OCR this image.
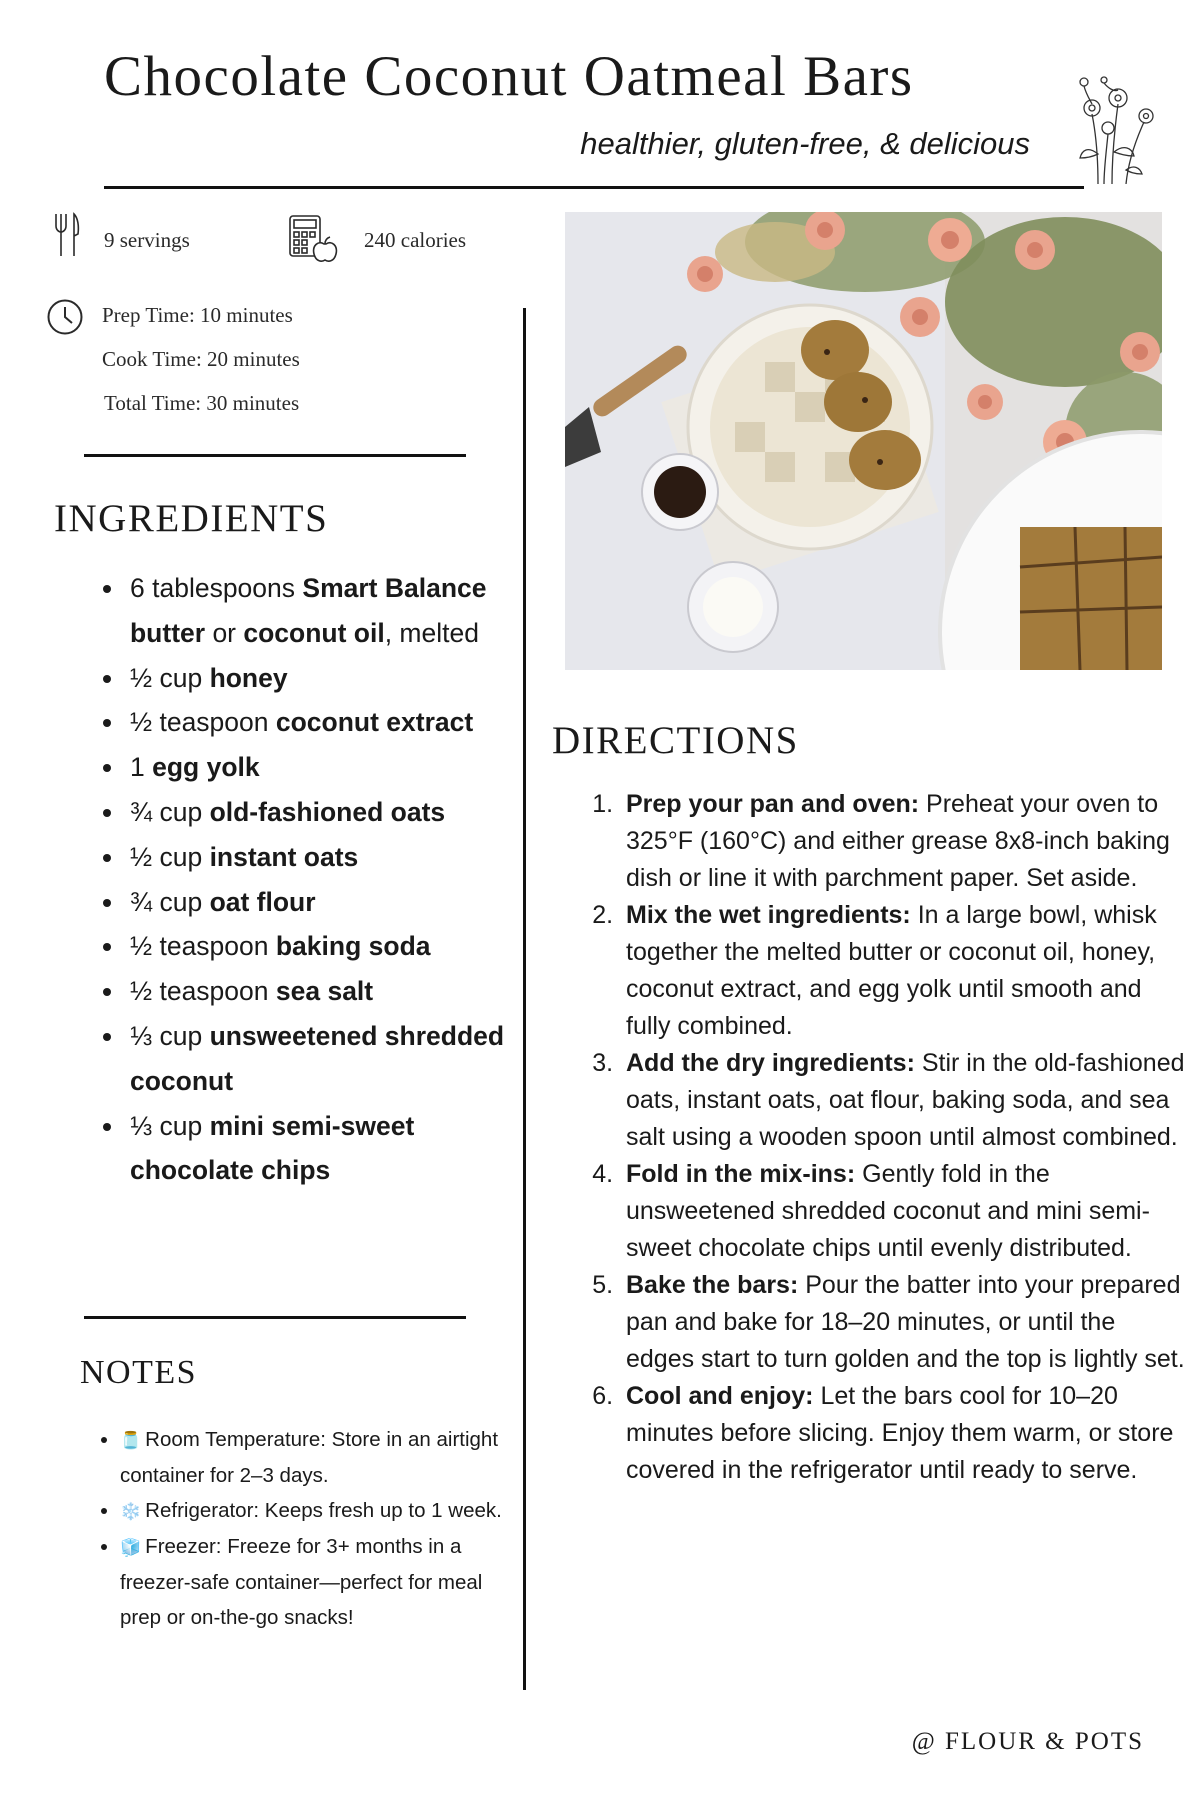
Chocolate Coconut Oatmeal Bars

healthier, gluten-free, & delicious

9 servings	240 calories
Prep Time: 10 minutes
Cook Time: 20 minutes
Total Time: 30 minutes
INGREDIENTS
• 6 tablespoons Smart Balance butter or coconut oil, melted
• ½ cup honey
• ½ teaspoon coconut extract
• 1 egg yolk
• ¾ cup old-fashioned oats
• ½ cup instant oats
• ¾ cup oat flour
• ½ teaspoon baking soda
• ½ teaspoon sea salt
• ⅓ cup unsweetened shredded coconut
• ⅓ cup mini semi-sweet chocolate chips
NOTES
• 🫙 Room Temperature: Store in an airtight container for 2–3 days.
• ❄️ Refrigerator: Keeps fresh up to 1 week.
• 🧊 Freezer: Freeze for 3+ months in a freezer-safe container—perfect for meal prep or on-the-go snacks!
DIRECTIONS
1. Prep your pan and oven: Preheat your oven to 325°F (160°C) and either grease 8x8-inch baking dish or line it with parchment paper. Set aside.
2. Mix the wet ingredients: In a large bowl, whisk together the melted butter or coconut oil, honey, coconut extract, and egg yolk until smooth and fully combined.
3. Add the dry ingredients: Stir in the old-fashioned oats, instant oats, oat flour, baking soda, and sea salt using a wooden spoon until almost combined.
4. Fold in the mix-ins: Gently fold in the unsweetened shredded coconut and mini semi-sweet chocolate chips until evenly distributed.
5. Bake the bars: Pour the batter into your prepared pan and bake for 18–20 minutes, or until the edges start to turn golden and the top is lightly set.
6. Cool and enjoy: Let the bars cool for 10–20 minutes before slicing. Enjoy them warm, or store covered in the refrigerator until ready to serve.

@ FLOUR & POTS
